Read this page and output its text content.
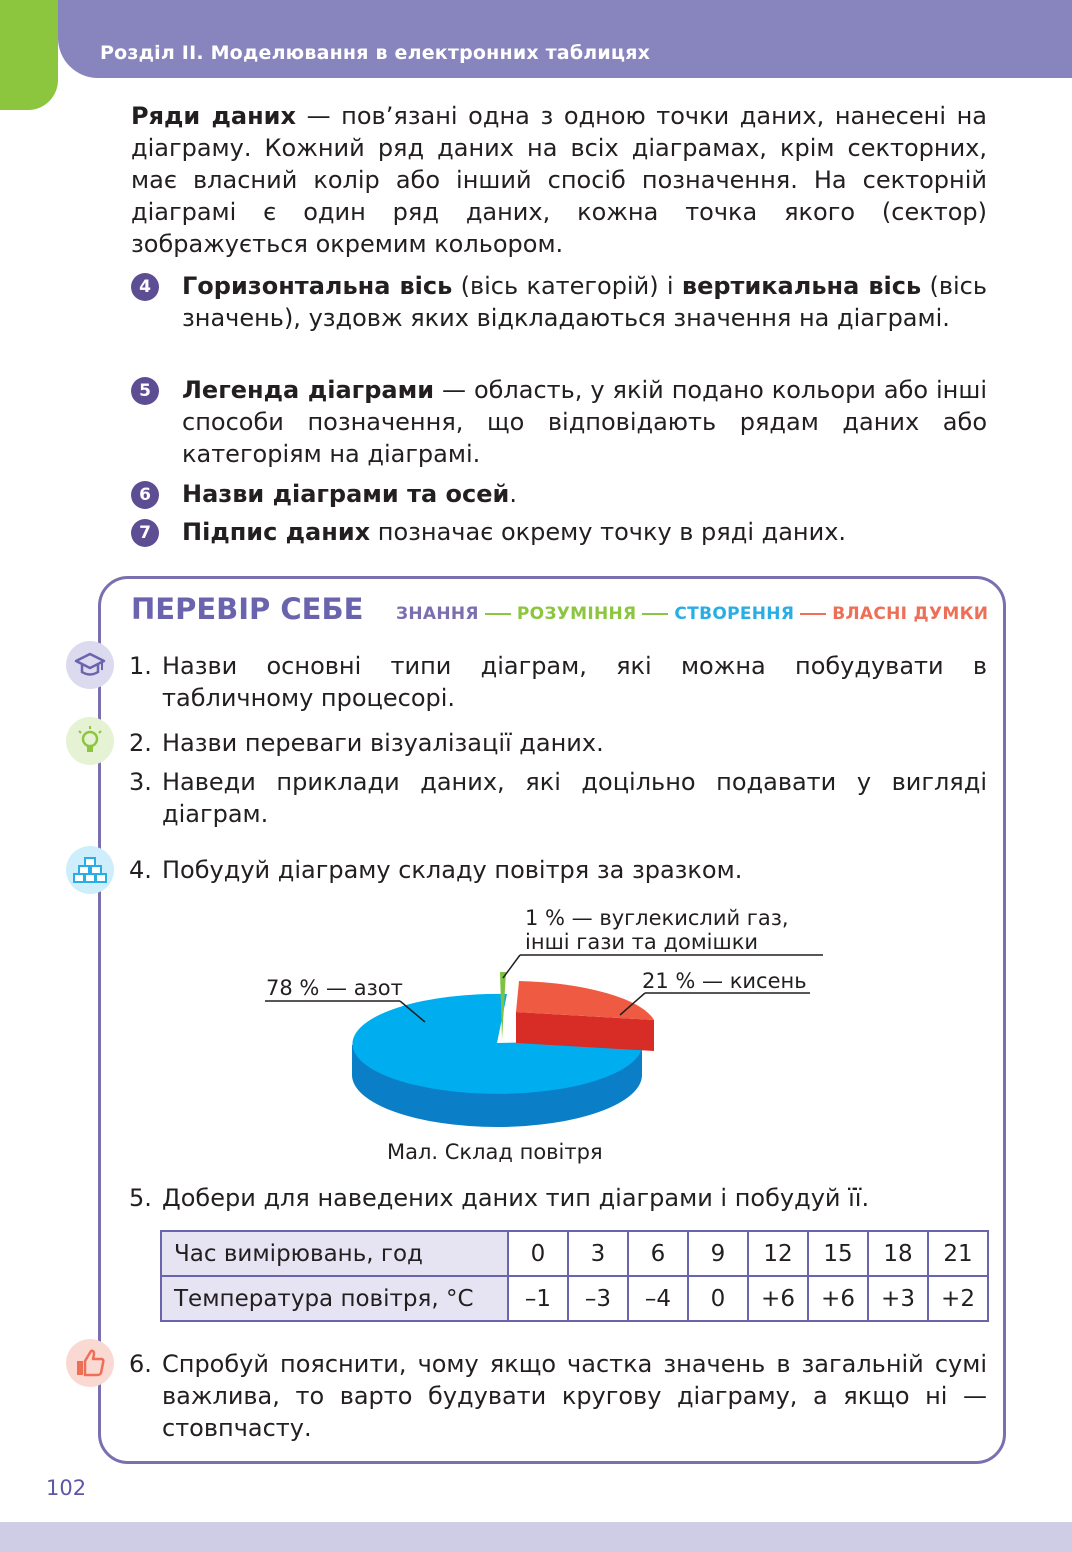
Розділ ІІ. Моделювання в електронних таблицях
Ряди даних — пов’язані одна з одною точки даних, нанесені на діаграму. Кожний ряд даних на всіх діаграмах, крім секторних, має власний колір або інший спосіб позначення. На секторній діаграмі є один ряд даних, кожна точка якого (сектор) зображується окремим кольором.
4	Горизонтальна вісь (вісь категорій) і вертикальна вісь (вісь значень), уздовж яких відкладаються значення на діаграмі.
5	Легенда діаграми — область, у якій подано кольори або інші способи позначення, що відповідають рядам даних або категоріям на діаграмі.
6	Назви діаграми та осей.
7	Підпис даних позначає окрему точку в ряді даних.
ПЕРЕВІР СЕБЕ ЗНАННЯ РОЗУМІННЯ СТВОРЕННЯ ВЛАСНІ ДУМКИ
1. Назви основні типи діаграм, які можна побудувати в табличному процесорі.
2. Назви переваги візуалізації даних.
3. Наведи приклади даних, які доцільно подавати у вигляді діаграм.
4. Побудуй діаграму складу повітря за зразком.
78 % — азот	21 % — кисень
1 % — вуглекислий газ,
інші гази та домішки
Мал. Склад повітря
5. Добери для наведених даних тип діаграми і побудуй її.
Час вимірювань, год	0	3	6	9	12	15	18	21
Температура повітря, °С	–1	–3	–4	0	+6	+6	+3	+2
6. Спробуй пояснити, чому якщо частка значень в загальній сумі важлива, то варто будувати кругову діаграму, а якщо ні — стовпчасту.
102
